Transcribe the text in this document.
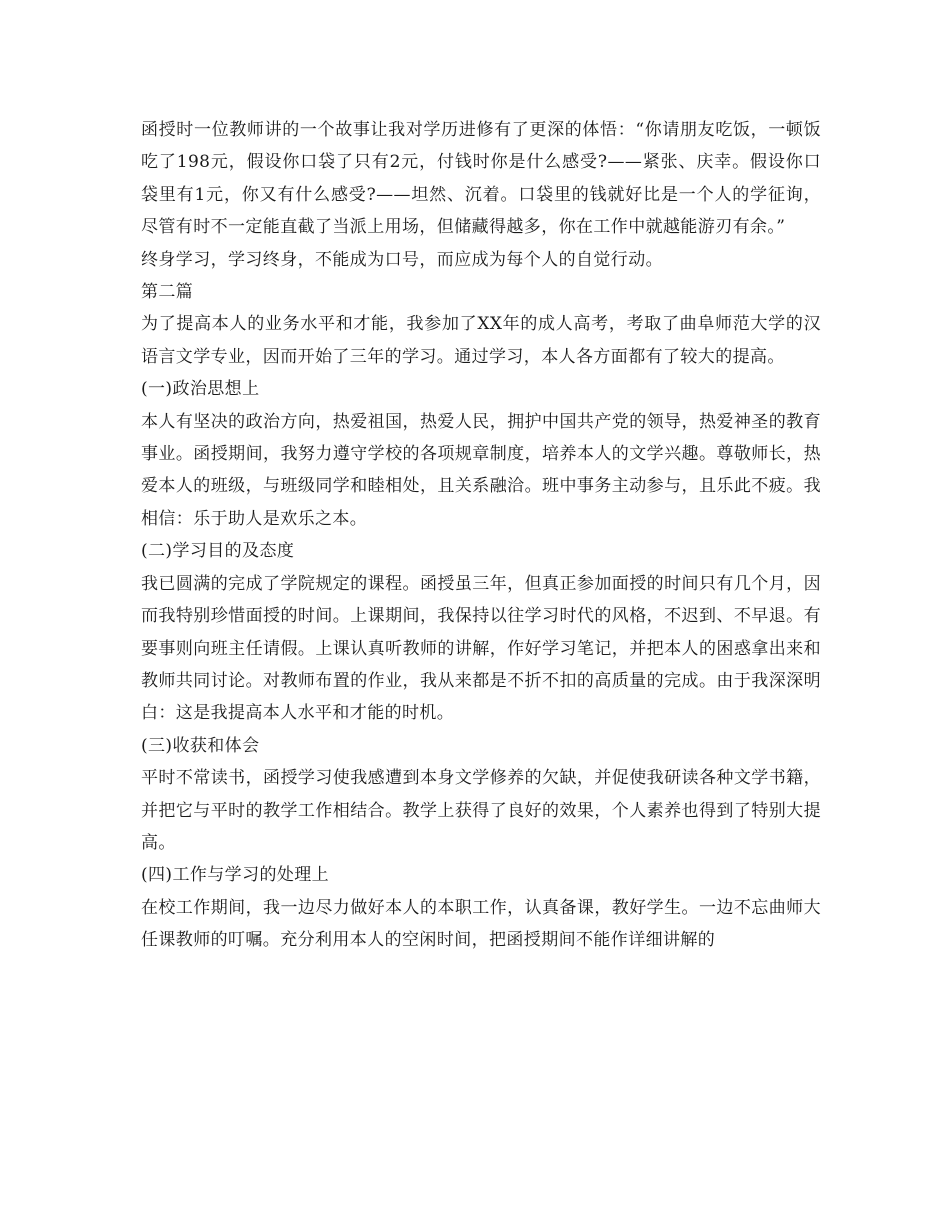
函授时一位教师讲的一个故事让我对学历进修有了更深的体悟：“你请朋友吃饭，一顿饭吃了198元，假设你口袋了只有2元，付钱时你是什么感受?——紧张、庆幸。假设你口袋里有1元，你又有什么感受?——坦然、沉着。口袋里的钱就好比是一个人的学征询，尽管有时不一定能直截了当派上用场，但储藏得越多，你在工作中就越能游刃有余。”

终身学习，学习终身，不能成为口号，而应成为每个人的自觉行动。

第二篇

为了提高本人的业务水平和才能，我参加了XX年的成人高考，考取了曲阜师范大学的汉语言文学专业，因而开始了三年的学习。通过学习，本人各方面都有了较大的提高。

(一)政治思想上

本人有坚决的政治方向，热爱祖国，热爱人民，拥护中国共产党的领导，热爱神圣的教育事业。函授期间，我努力遵守学校的各项规章制度，培养本人的文学兴趣。尊敬师长，热爱本人的班级，与班级同学和睦相处，且关系融洽。班中事务主动参与，且乐此不疲。我相信：乐于助人是欢乐之本。

(二)学习目的及态度

我已圆满的完成了学院规定的课程。函授虽三年，但真正参加面授的时间只有几个月，因而我特别珍惜面授的时间。上课期间，我保持以往学习时代的风格，不迟到、不早退。有要事则向班主任请假。上课认真听教师的讲解，作好学习笔记，并把本人的困惑拿出来和教师共同讨论。对教师布置的作业，我从来都是不折不扣的高质量的完成。由于我深深明白：这是我提高本人水平和才能的时机。

(三)收获和体会

平时不常读书，函授学习使我感遭到本身文学修养的欠缺，并促使我研读各种文学书籍，并把它与平时的教学工作相结合。教学上获得了良好的效果，个人素养也得到了特别大提高。

(四)工作与学习的处理上

在校工作期间，我一边尽力做好本人的本职工作，认真备课，教好学生。一边不忘曲师大任课教师的叮嘱。充分利用本人的空闲时间，把函授期间不能作详细讲解的
